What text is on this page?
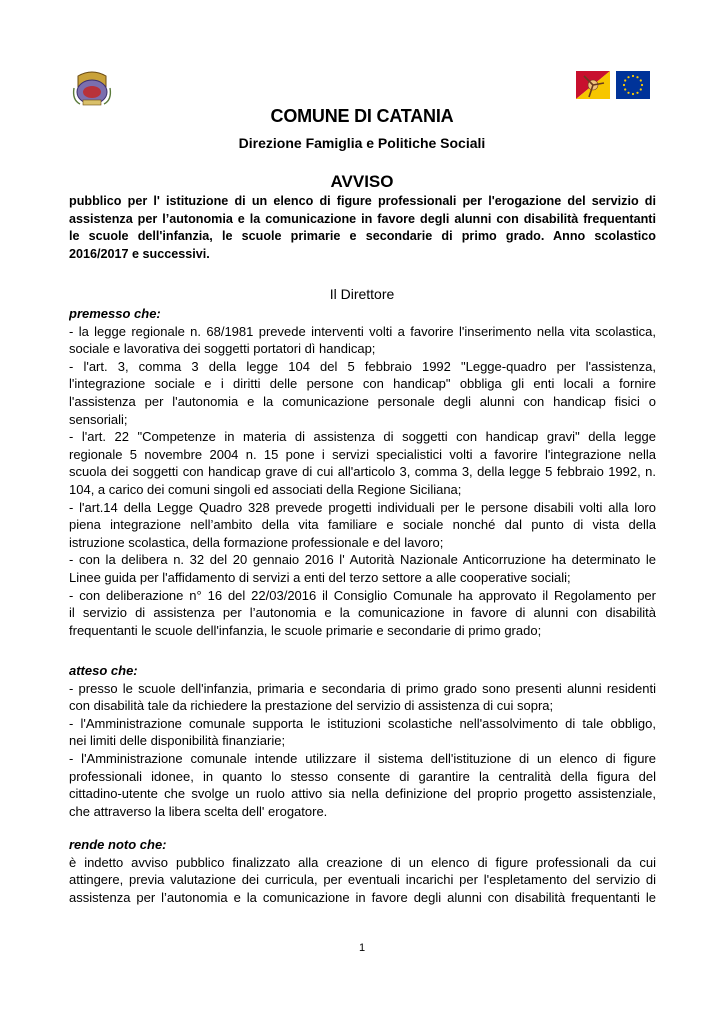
COMUNE DI CATANIA
Direzione Famiglia e Politiche Sociali
AVVISO
pubblico per l' istituzione di un elenco di figure professionali per l'erogazione del servizio di
assistenza per l’autonomia e la comunicazione in favore degli alunni con disabilità frequentanti
le scuole dell'infanzia, le scuole primarie e secondarie di primo grado. Anno scolastico
2016/2017 e successivi.
Il Direttore
premesso che:
- la legge regionale n. 68/1981 prevede interventi volti a favorire l'inserimento nella vita scolastica,
sociale e lavorativa dei soggetti portatori dì handicap;
- l'art. 3, comma 3 della legge 104 del 5 febbraio 1992 "Legge-quadro per l'assistenza,
l'integrazione sociale e i diritti delle persone con handicap" obbliga gli enti locali a fornire
l'assistenza per l'autonomia e la comunicazione personale degli alunni con handicap fisici o
sensoriali;
- l'art. 22 "Competenze in materia di assistenza di soggetti con handicap gravi" della legge
regionale 5 novembre 2004 n. 15 pone i servizi specialistici volti a favorire l'integrazione nella
scuola dei soggetti con handicap grave di cui all'articolo 3, comma 3, della legge 5 febbraio 1992, n.
104, a carico dei comuni singoli ed associati della Regione Siciliana;
- l'art.14 della Legge Quadro 328 prevede progetti individuali per le persone disabili volti alla loro
piena integrazione nell’ambito della vita familiare e sociale nonché dal punto di vista della
istruzione scolastica, della formazione professionale e del lavoro;
- con la delibera n. 32 del 20 gennaio 2016 l' Autorità Nazionale Anticorruzione ha determinato le
Linee guida per l'affidamento di servizi a enti del terzo settore a alle cooperative sociali;
- con deliberazione n° 16 del 22/03/2016 il Consiglio Comunale ha approvato il Regolamento per
il servizio di assistenza per l’autonomia e la comunicazione in favore di alunni con disabilità
frequentanti le scuole dell'infanzia, le scuole primarie e secondarie di primo grado;
atteso che:
- presso le scuole dell'infanzia, primaria e secondaria di primo grado sono presenti alunni residenti
con disabilità tale da richiedere la prestazione del servizio di assistenza di cui sopra;
- l'Amministrazione comunale supporta le istituzioni scolastiche nell'assolvimento di tale obbligo,
nei limiti delle disponibilità finanziarie;
- l'Amministrazione comunale intende utilizzare il sistema dell'istituzione di un elenco di figure
professionali idonee, in quanto lo stesso consente di garantire la centralità della figura del
cittadino-utente che svolge un ruolo attivo sia nella definizione del proprio progetto assistenziale,
che attraverso la libera scelta dell' erogatore.
rende noto che:
è indetto avviso pubblico finalizzato alla creazione di un elenco di figure professionali da cui
attingere, previa valutazione dei curricula, per eventuali incarichi per l'espletamento del servizio di
assistenza per l’autonomia e la comunicazione in favore degli alunni con disabilità frequentanti le
1
